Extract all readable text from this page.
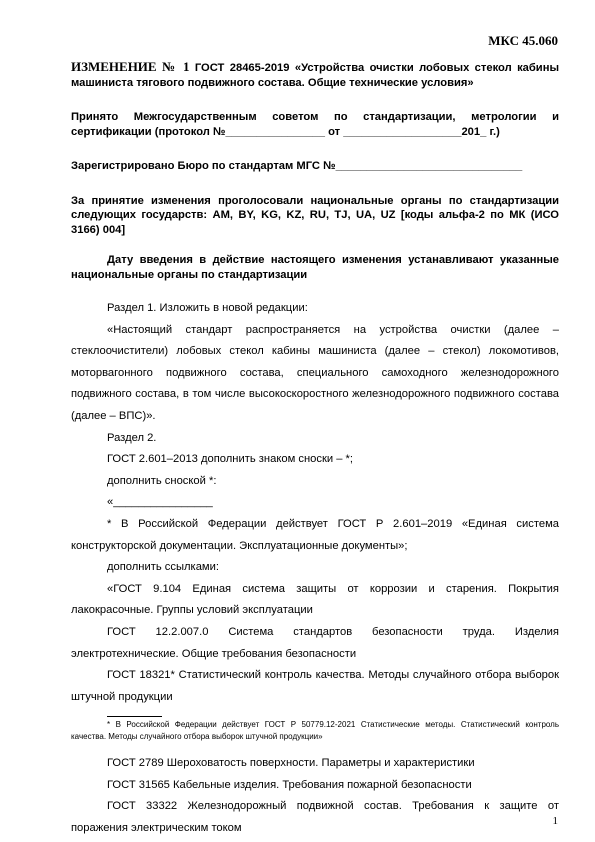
МКС 45.060

ИЗМЕНЕНИЕ № 1 ГОСТ 28465-2019 «Устройства очистки лобовых стекол кабины машиниста тягового подвижного состава. Общие технические условия»

Принято Межгосударственным советом по стандартизации, метрологии и сертификации (протокол №________________ от ___________________201_ г.)

Зарегистрировано Бюро по стандартам МГС №______________________________

За принятие изменения проголосовали национальные органы по стандартизации следующих государств: AM, BY, KG, KZ, RU, TJ, UA, UZ [коды альфа-2 по МК (ИСО 3166) 004]

Дату введения в действие настоящего изменения устанавливают указанные национальные органы по стандартизации

Раздел 1. Изложить в новой редакции:

«Настоящий стандарт распространяется на устройства очистки (далее – стеклоочистители) лобовых стекол кабины машиниста (далее – стекол) локомотивов, моторвагонного подвижного состава, специального самоходного железнодорожного подвижного состава, в том числе высокоскоростного железнодорожного подвижного состава (далее – ВПС)».

Раздел 2.

ГОСТ 2.601–2013 дополнить знаком сноски – *;

дополнить сноской *:

«________________

* В Российской Федерации действует ГОСТ Р 2.601–2019 «Единая система конструкторской документации. Эксплуатационные документы»;

дополнить ссылками:

«ГОСТ 9.104 Единая система защиты от коррозии и старения. Покрытия лакокрасочные. Группы условий эксплуатации

ГОСТ 12.2.007.0 Система стандартов безопасности труда. Изделия электротехнические. Общие требования безопасности

ГОСТ 18321* Статистический контроль качества. Методы случайного отбора выборок штучной продукции

* В Российской Федерации действует ГОСТ Р 50779.12-2021 Статистические методы. Статистический контроль качества. Методы случайного отбора выборок штучной продукции»

ГОСТ 2789 Шероховатость поверхности. Параметры и характеристики

ГОСТ 31565 Кабельные изделия. Требования пожарной безопасности

ГОСТ 33322 Железнодорожный подвижной состав. Требования к защите от поражения электрическим током

1
